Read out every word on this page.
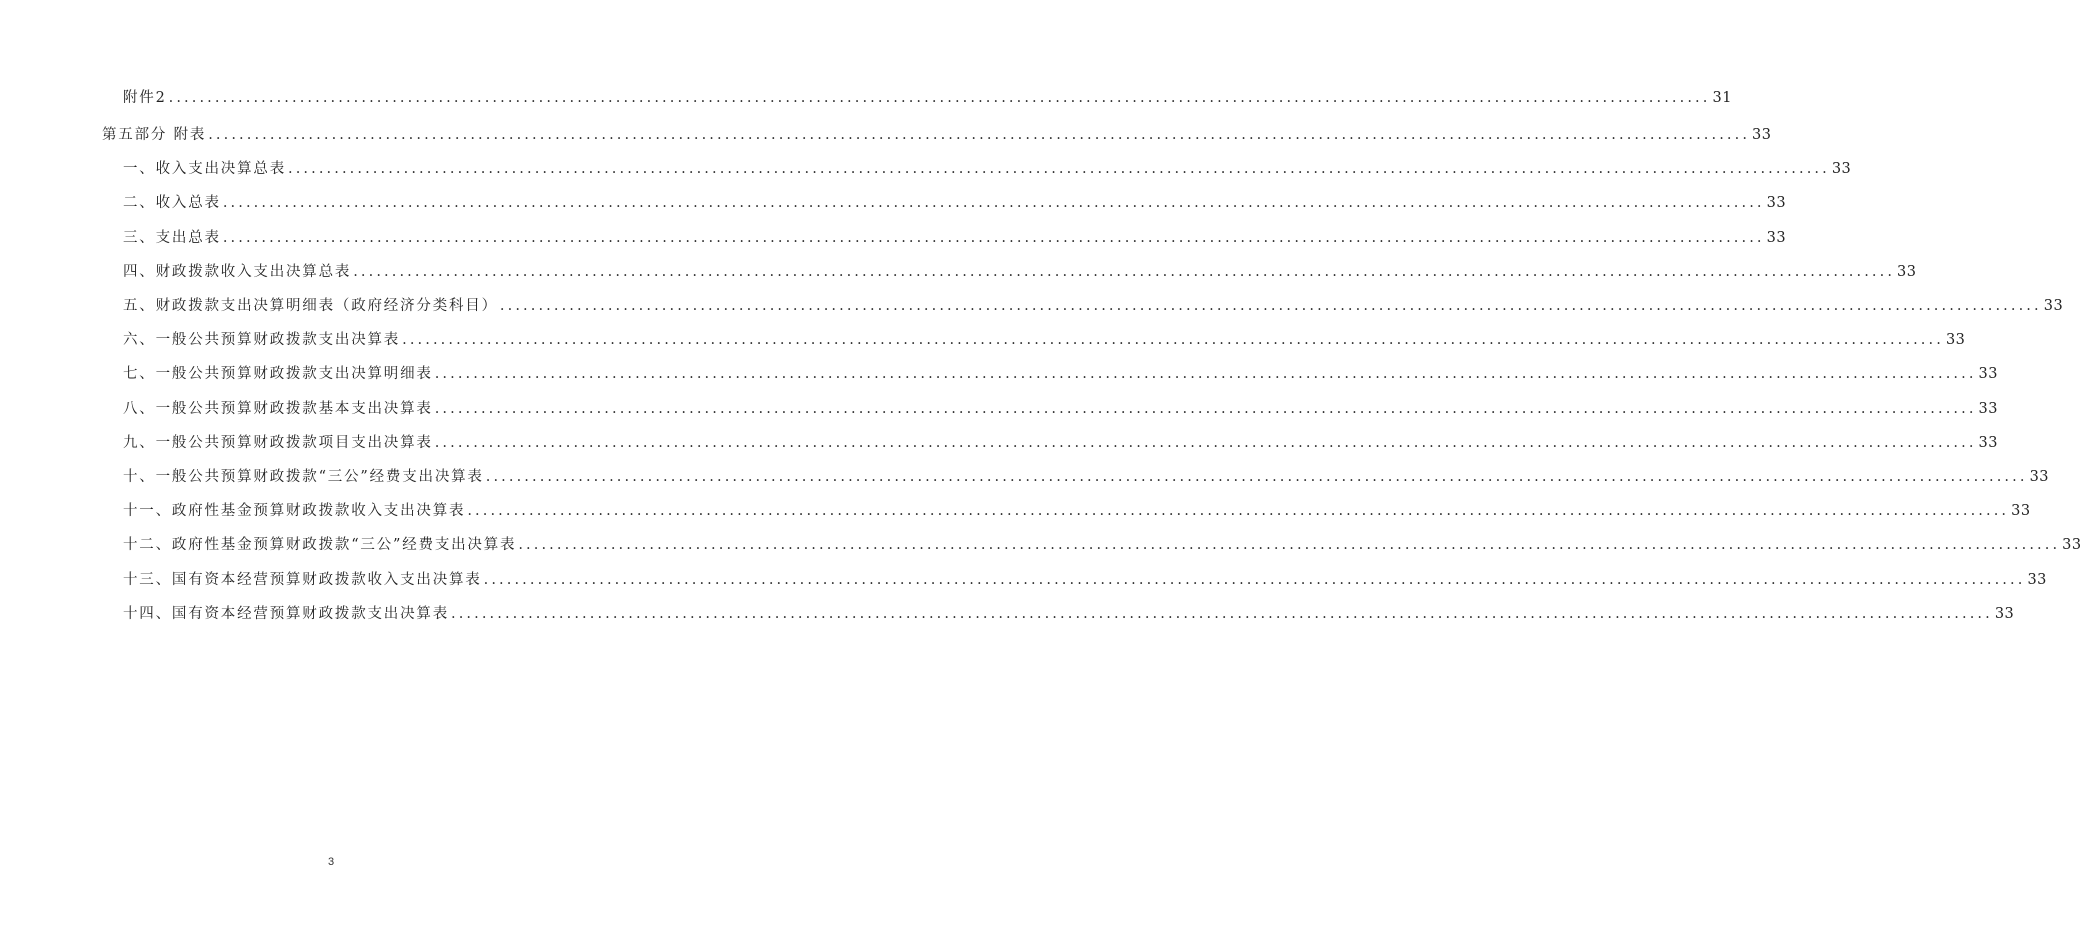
附件2 ........................................................................................................................................................................................................ 31
第五部分 附表 ........................................................................................................................................................................................................ 33
一、收入支出决算总表 ........................................................................................................................................................................................................ 33
二、收入总表 ........................................................................................................................................................................................................ 33
三、支出总表 ........................................................................................................................................................................................................ 33
四、财政拨款收入支出决算总表 ........................................................................................................................................................................................................ 33
五、财政拨款支出决算明细表（政府经济分类科目） ........................................................................................................................................................................................................ 33
六、一般公共预算财政拨款支出决算表 ........................................................................................................................................................................................................ 33
七、一般公共预算财政拨款支出决算明细表 ........................................................................................................................................................................................................ 33
八、一般公共预算财政拨款基本支出决算表 ........................................................................................................................................................................................................ 33
九、一般公共预算财政拨款项目支出决算表 ........................................................................................................................................................................................................ 33
十、一般公共预算财政拨款“三公”经费支出决算表 ........................................................................................................................................................................................................ 33
十一、政府性基金预算财政拨款收入支出决算表 ........................................................................................................................................................................................................ 33
十二、政府性基金预算财政拨款“三公”经费支出决算表 ........................................................................................................................................................................................................ 33
十三、国有资本经营预算财政拨款收入支出决算表 ........................................................................................................................................................................................................ 33
十四、国有资本经营预算财政拨款支出决算表 ........................................................................................................................................................................................................ 33
3
